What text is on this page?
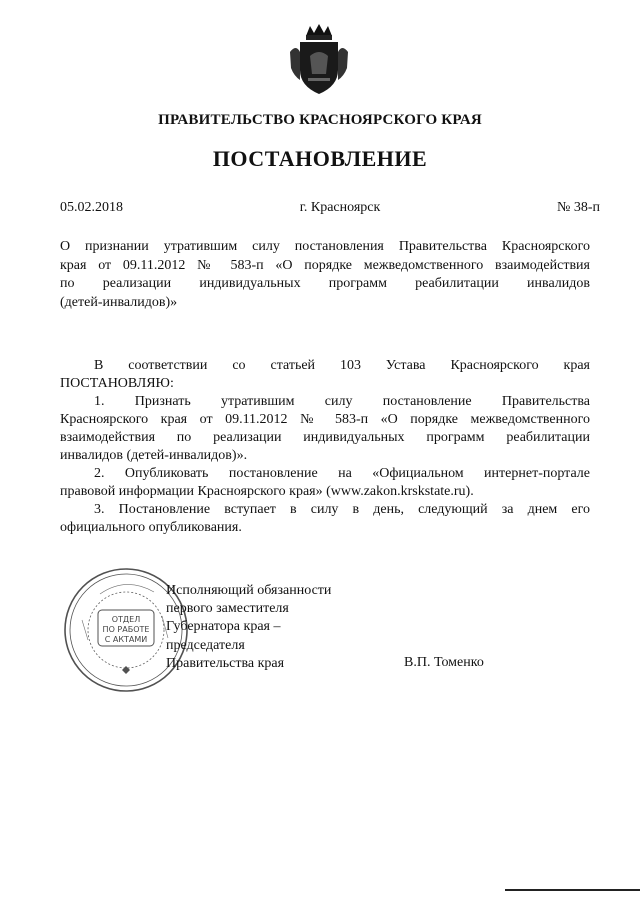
ПРАВИТЕЛЬСТВО КРАСНОЯРСКОГО КРАЯ
ПОСТАНОВЛЕНИЕ
05.02.2018	г. Красноярск	№ 38-п
О признании утратившим силу постановления Правительства Красноярского
края от 09.11.2012 № 583-п «О порядке межведомственного взаимодействия
по реализации индивидуальных программ реабилитации инвалидов
(детей-инвалидов)»

В соответствии со статьей 103 Устава Красноярского края

ПОСТАНОВЛЯЮ:

1. Признать утратившим силу постановление Правительства

Красноярского края от 09.11.2012 № 583-п «О порядке межведомственного

взаимодействия по реализации индивидуальных программ реабилитации

инвалидов (детей-инвалидов)».

2. Опубликовать постановление на «Официальном интернет-портале

правовой информации Красноярского края» (www.zakon.krskstate.ru).

3. Постановление вступает в силу в день, следующий за днем его

официального опубликования.

ОТДЕЛ
ПО РАБОТЕ
С АКТАМИ
Исполняющий обязанности
первого заместителя
Губернатора края –
председателя
Правительства края	В.П. Томенко
